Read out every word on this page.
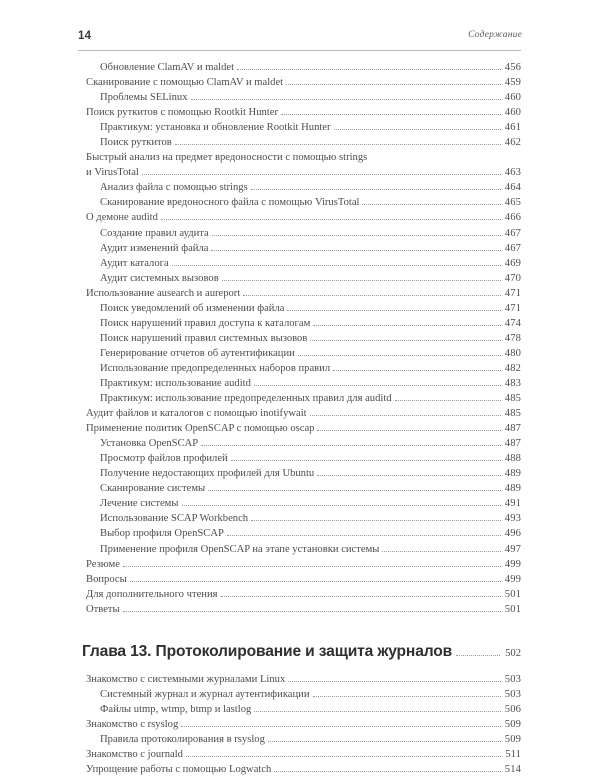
14	Содержание
Обновление ClamAV и maldet	456
Сканирование с помощью ClamAV и maldet	459
Проблемы SELinux	460
Поиск руткитов с помощью Rootkit Hunter	460
Практикум: установка и обновление Rootkit Hunter	461
Поиск руткитов	462
Быстрый анализ на предмет вредоносности с помощью strings
и VirusTotal	463
Анализ файла с помощью strings	464
Сканирование вредоносного файла с помощью VirusTotal	465
О демоне auditd	466
Создание правил аудита	467
Аудит изменений файла	467
Аудит каталога	469
Аудит системных вызовов	470
Использование ausearch и aureport	471
Поиск уведомлений об изменении файла	471
Поиск нарушений правил доступа к каталогам	474
Поиск нарушений правил системных вызовов	478
Генерирование отчетов об аутентификации	480
Использование предопределенных наборов правил	482
Практикум: использование auditd	483
Практикум: использование предопределенных правил для auditd	485
Аудит файлов и каталогов с помощью inotifywait	485
Применение политик OpenSCAP с помощью oscap	487
Установка OpenSCAP	487
Просмотр файлов профилей	488
Получение недостающих профилей для Ubuntu	489
Сканирование системы	489
Лечение системы	491
Использование SCAP Workbench	493
Выбор профиля OpenSCAP	496
Применение профиля OpenSCAP на этапе установки системы	497
Резюме	499
Вопросы	499
Для дополнительного чтения	501
Ответы	501
Глава 13. Протоколирование и защита журналов	502
Знакомство с системными журналами Linux	503
Системный журнал и журнал аутентификации	503
Файлы utmp, wtmp, btmp и lastlog	506
Знакомство с rsyslog	509
Правила протоколирования в rsyslog	509
Знакомство с journald	511
Упрощение работы с помощью Logwatch	514
